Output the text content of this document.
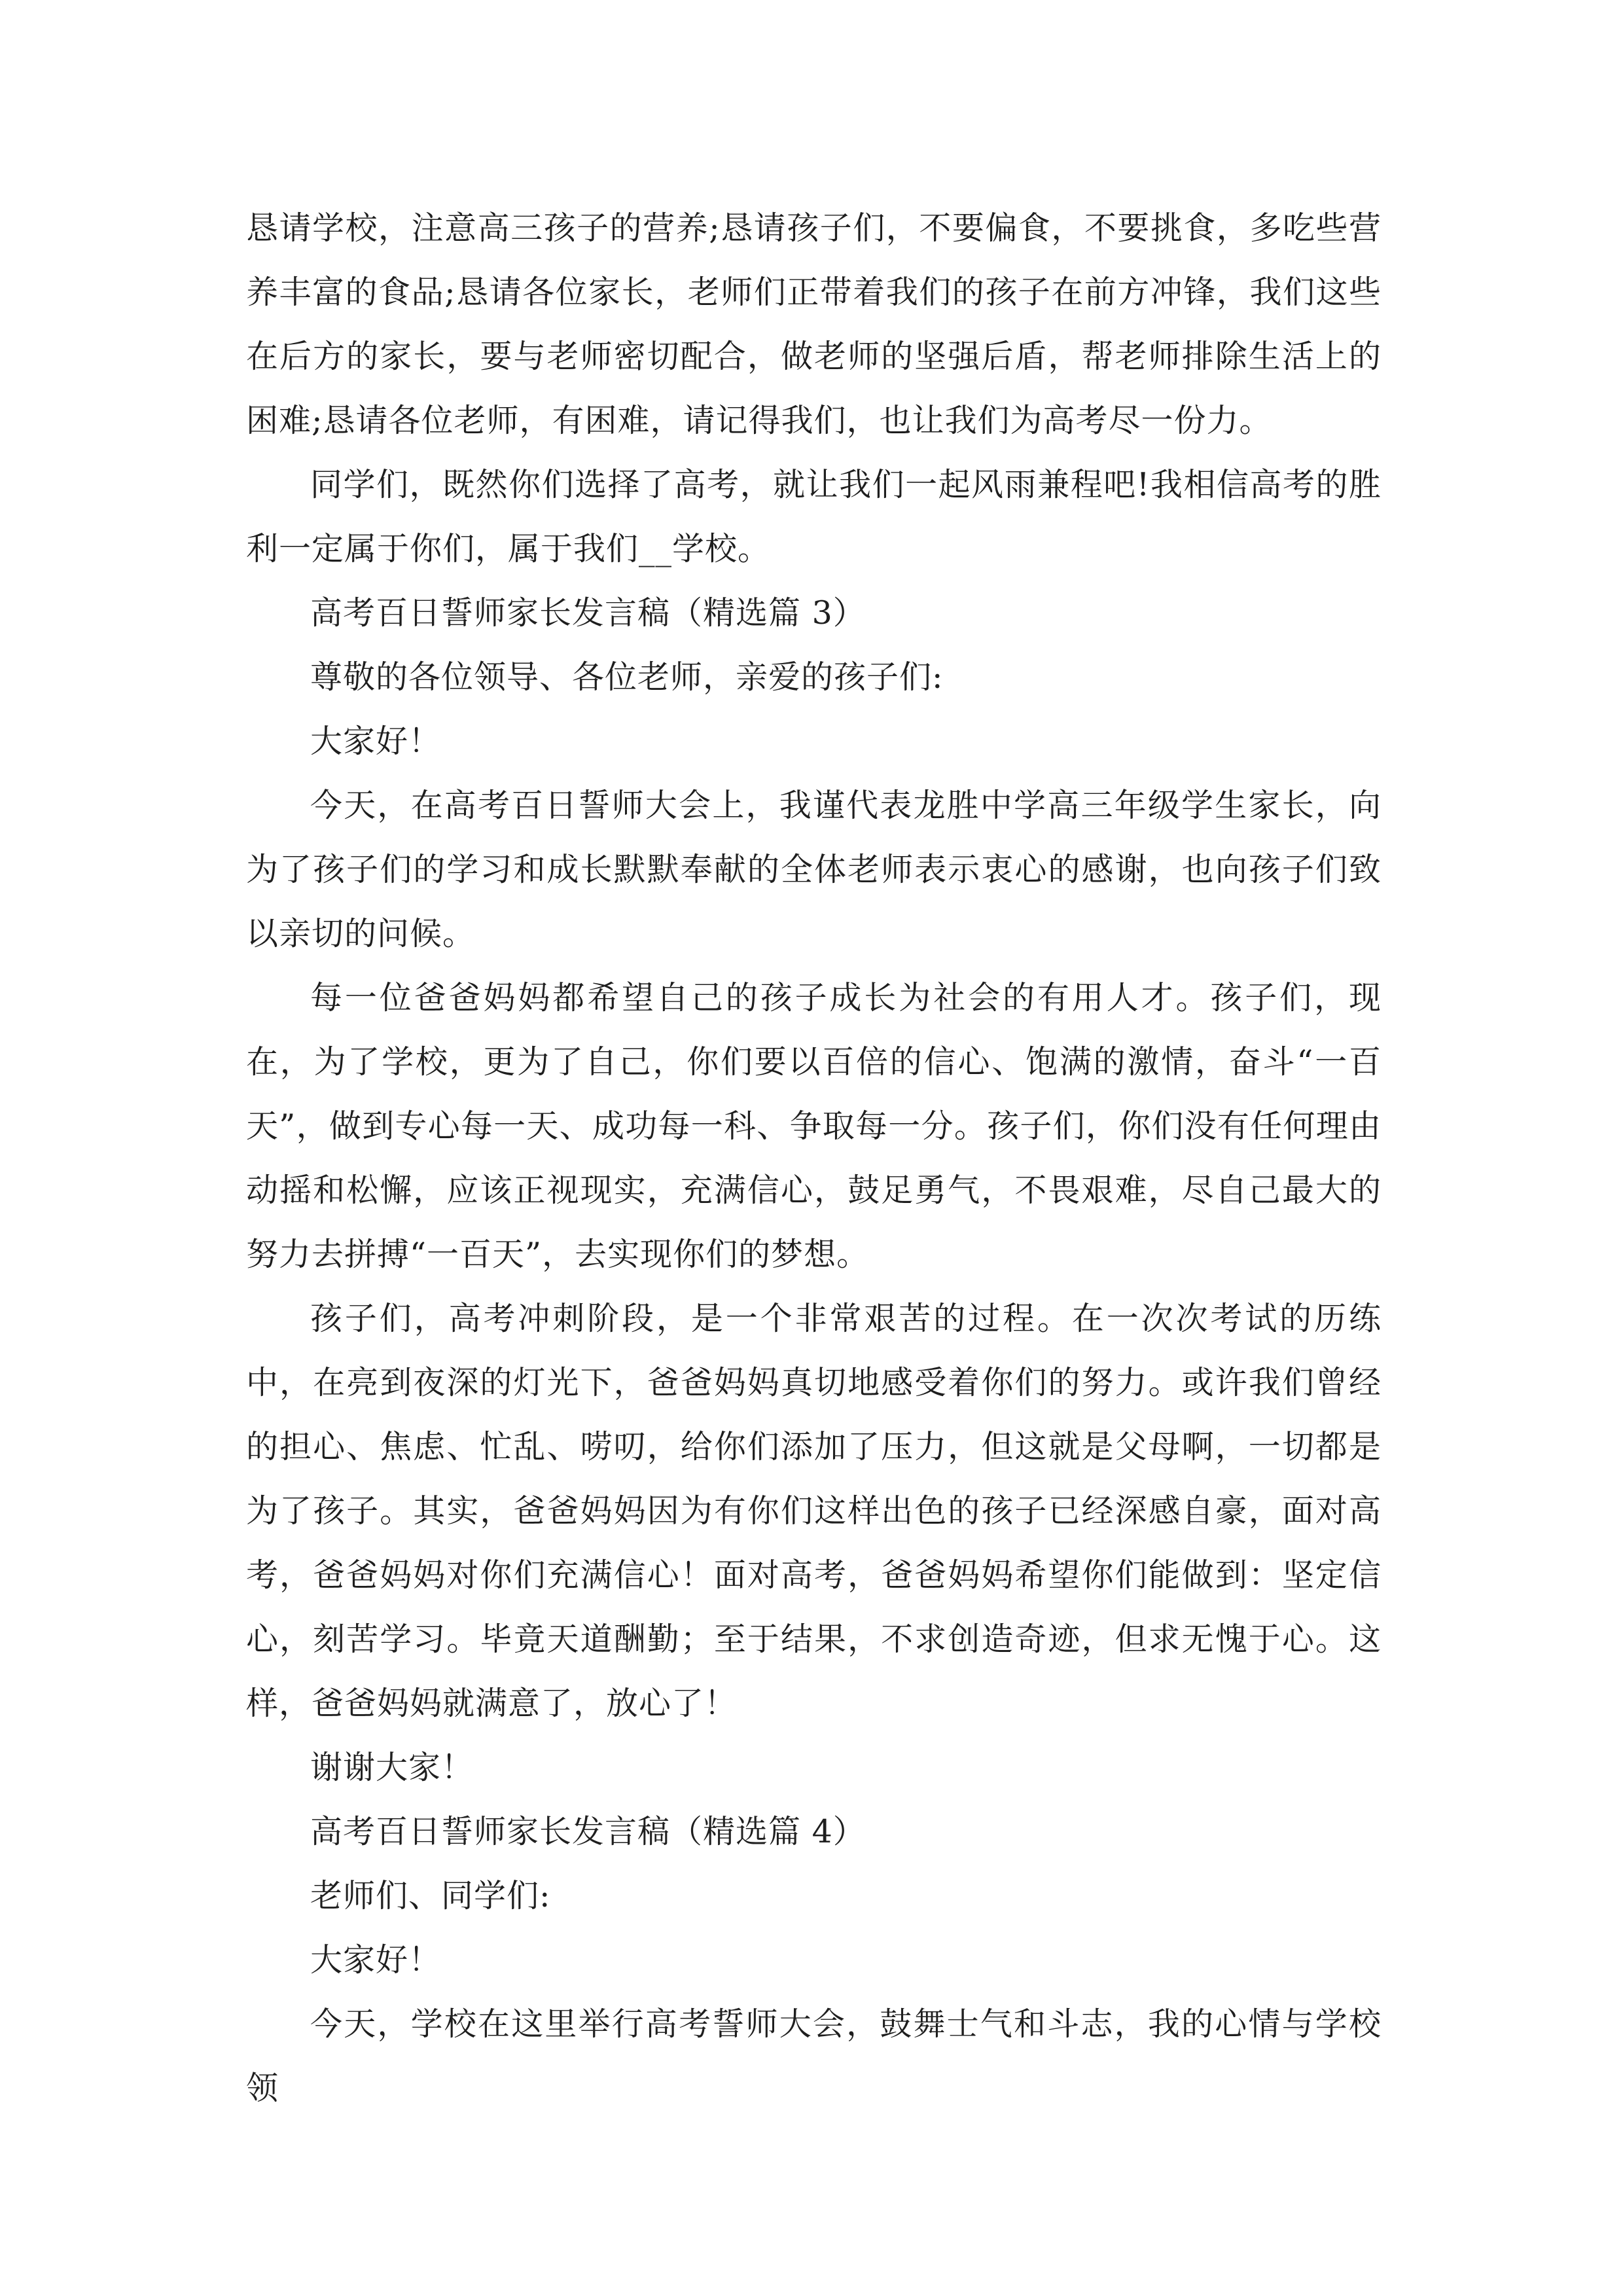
恳请学校，注意高三孩子的营养;恳请孩子们，不要偏食，不要挑食，多吃些营养丰富的食品;恳请各位家长，老师们正带着我们的孩子在前方冲锋，我们这些在后方的家长，要与老师密切配合，做老师的坚强后盾，帮老师排除生活上的困难;恳请各位老师，有困难，请记得我们，也让我们为高考尽一份力。

同学们，既然你们选择了高考，就让我们一起风雨兼程吧!我相信高考的胜利一定属于你们，属于我们__学校。

高考百日誓师家长发言稿（精选篇 3）

尊敬的各位领导、各位老师，亲爱的孩子们:

大家好！

今天，在高考百日誓师大会上，我谨代表龙胜中学高三年级学生家长，向为了孩子们的学习和成长默默奉献的全体老师表示衷心的感谢，也向孩子们致以亲切的问候。

每一位爸爸妈妈都希望自己的孩子成长为社会的有用人才。孩子们，现在，为了学校，更为了自己，你们要以百倍的信心、饱满的激情，奋斗“一百天”，做到专心每一天、成功每一科、争取每一分。孩子们，你们没有任何理由动摇和松懈，应该正视现实，充满信心，鼓足勇气，不畏艰难，尽自己最大的努力去拼搏“一百天”，去实现你们的梦想。

孩子们，高考冲刺阶段，是一个非常艰苦的过程。在一次次考试的历练中，在亮到夜深的灯光下，爸爸妈妈真切地感受着你们的努力。或许我们曾经的担心、焦虑、忙乱、唠叨，给你们添加了压力，但这就是父母啊，一切都是为了孩子。其实，爸爸妈妈因为有你们这样出色的孩子已经深感自豪，面对高考，爸爸妈妈对你们充满信心！面对高考，爸爸妈妈希望你们能做到：坚定信心，刻苦学习。毕竟天道酬勤；至于结果，不求创造奇迹，但求无愧于心。这样，爸爸妈妈就满意了，放心了！

谢谢大家！

高考百日誓师家长发言稿（精选篇 4）

老师们、同学们:

大家好！

今天，学校在这里举行高考誓师大会，鼓舞士气和斗志，我的心情与学校领
